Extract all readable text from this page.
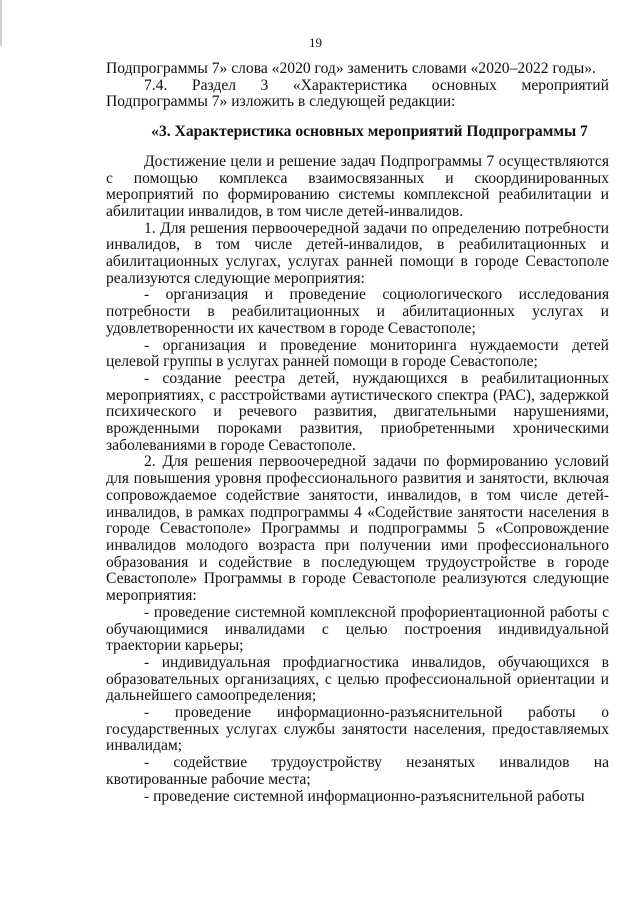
19

Подпрограммы 7» слова «2020 год» заменить словами «2020–2022 годы».

7.4. Раздел 3 «Характеристика основных мероприятий Подпрограммы 7» изложить в следующей редакции:

«3. Характеристика основных мероприятий Подпрограммы 7

Достижение цели и решение задач Подпрограммы 7 осуществляются с помощью комплекса взаимосвязанных и скоординированных мероприятий по формированию системы комплексной реабилитации и абилитации инвалидов, в том числе детей-инвалидов.

1. Для решения первоочередной задачи по определению потребности инвалидов, в том числе детей-инвалидов, в реабилитационных и абилитационных услугах, услугах ранней помощи в городе Севастополе реализуются следующие мероприятия:

- организация и проведение социологического исследования потребности в реабилитационных и абилитационных услугах и удовлетворенности их качеством в городе Севастополе;

- организация и проведение мониторинга нуждаемости детей целевой группы в услугах ранней помощи в городе Севастополе;

- создание реестра детей, нуждающихся в реабилитационных мероприятиях, с расстройствами аутистического спектра (РАС), задержкой психического и речевого развития, двигательными нарушениями, врожденными пороками развития, приобретенными хроническими заболеваниями в городе Севастополе.

2. Для решения первоочередной задачи по формированию условий для повышения уровня профессионального развития и занятости, включая сопровождаемое содействие занятости, инвалидов, в том числе детей-инвалидов, в рамках подпрограммы 4 «Содействие занятости населения в городе Севастополе» Программы и подпрограммы 5 «Сопровождение инвалидов молодого возраста при получении ими профессионального образования и содействие в последующем трудоустройстве в городе Севастополе» Программы в городе Севастополе реализуются следующие мероприятия:

- проведение системной комплексной профориентационной работы с обучающимися инвалидами с целью построения индивидуальной траектории карьеры;

- индивидуальная профдиагностика инвалидов, обучающихся в образовательных организациях, с целью профессиональной ориентации и дальнейшего самоопределения;

- проведение информационно-разъяснительной работы о государственных услугах службы занятости населения, предоставляемых инвалидам;

- содействие трудоустройству незанятых инвалидов на квотированные рабочие места;

- проведение системной информационно-разъяснительной работы
